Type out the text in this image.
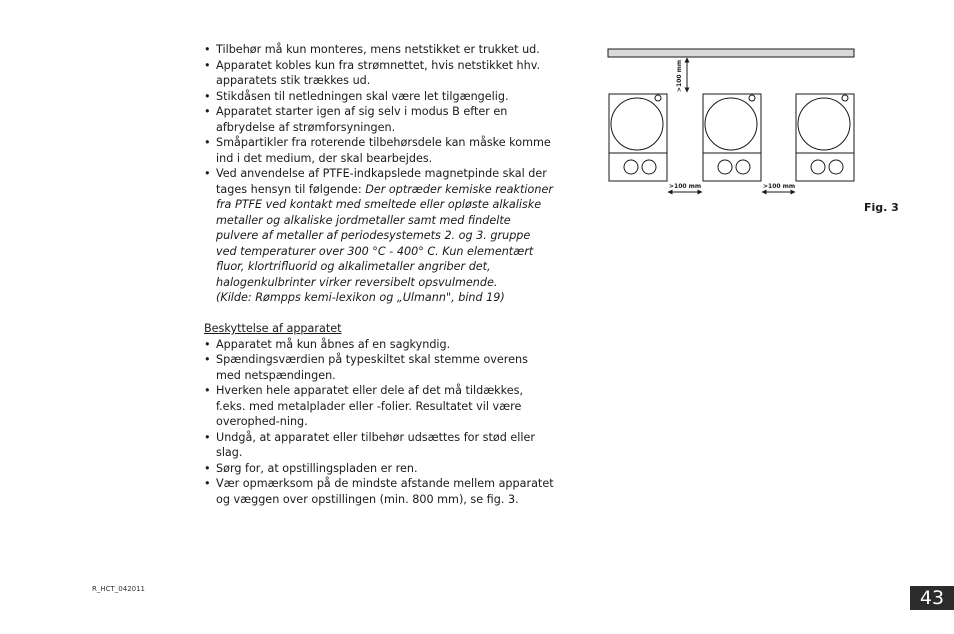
• Tilbehør må kun monteres, mens netstikket er trukket ud.
• Apparatet kobles kun fra strømnettet, hvis netstikket hhv. apparatets stik trækkes ud.
• Stikdåsen til netledningen skal være let tilgængelig.
• Apparatet starter igen af sig selv i modus B efter en afbrydelse af strømforsyningen.
• Småpartikler fra roterende tilbehørsdele kan måske komme ind i det medium, der skal bearbejdes.
• Ved anvendelse af PTFE-indkapslede magnetpinde skal der tages hensyn til følgende: Der optræder kemiske reaktioner fra PTFE ved kontakt med smeltede eller opløste alkaliske metaller og alkaliske jordmetaller samt med findelte pulvere af metaller af periodesystemets 2. og 3. gruppe ved temperaturer over 300 °C - 400° C. Kun elementært fluor, klortrifluorid og alkalimetaller angriber det, halogenkulbrinter virker reversibelt opsvulmende.
(Kilde: Rømpps kemi-lexikon og „Ulmann", bind 19)
Beskyttelse af apparatet
• Apparatet må kun åbnes af en sagkyndig.
• Spændingsværdien på typeskiltet skal stemme overens med netspændingen.
• Hverken hele apparatet eller dele af det må tildækkes, f.eks. med metalplader eller -folier. Resultatet vil være overophed-ning.
• Undgå, at apparatet eller tilbehør udsættes for stød eller slag.
• Sørg for, at opstillingspladen er ren.
• Vær opmærksom på de mindste afstande mellem apparatet og væggen over opstillingen (min. 800 mm), se fig. 3.
>100 mm
>100 mm	>100 mm
Fig. 3
R_HCT_042011	43
